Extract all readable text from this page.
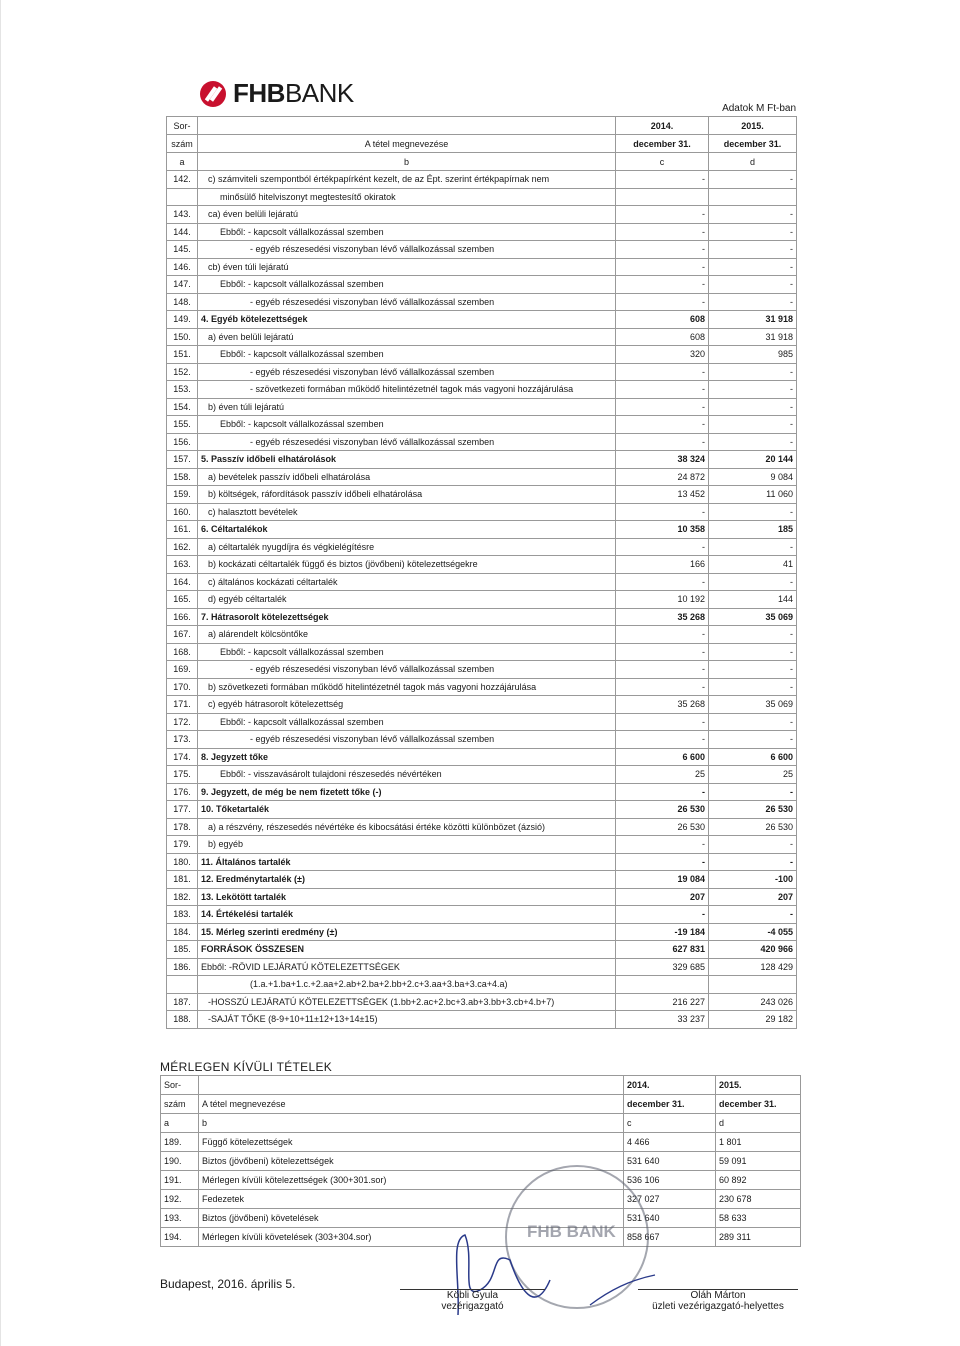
FHBBANK
Adatok M Ft-ban
Sor-		2014.	2015.
szám	A tétel megnevezése	december 31.	december 31.
a	b	c	d
142.	c) számviteli szempontból értékpapírként kezelt, de az Épt. szerint értékpapírnak nem	-	-
	minősülő hitelviszonyt megtestesítő okiratok		
143.	ca) éven belüli lejáratú	-	-
144.	Ebből: - kapcsolt vállalkozással szemben	-	-
145.	- egyéb részesedési viszonyban lévő vállalkozással szemben	-	-
146.	cb) éven túli lejáratú	-	-
147.	Ebből: - kapcsolt vállalkozással szemben	-	-
148.	- egyéb részesedési viszonyban lévő vállalkozással szemben	-	-
149.	4. Egyéb kötelezettségek	608	31 918
150.	a) éven belüli lejáratú	608	31 918
151.	Ebből: - kapcsolt vállalkozással szemben	320	985
152.	- egyéb részesedési viszonyban lévő vállalkozással szemben	-	-
153.	- szövetkezeti formában működő hitelintézetnél tagok más vagyoni hozzájárulása	-	-
154.	b) éven túli lejáratú	-	-
155.	Ebből: - kapcsolt vállalkozással szemben	-	-
156.	- egyéb részesedési viszonyban lévő vállalkozással szemben	-	-
157.	5. Passzív időbeli elhatárolások	38 324	20 144
158.	a) bevételek passzív időbeli elhatárolása	24 872	9 084
159.	b) költségek, ráfordítások passzív időbeli elhatárolása	13 452	11 060
160.	c) halasztott bevételek	-	-
161.	6. Céltartalékok	10 358	185
162.	a) céltartalék nyugdíjra és végkielégítésre	-	-
163.	b) kockázati céltartalék függő és biztos (jövőbeni) kötelezettségekre	166	41
164.	c) általános kockázati céltartalék	-	-
165.	d) egyéb céltartalék	10 192	144
166.	7. Hátrasorolt kötelezettségek	35 268	35 069
167.	a) alárendelt kölcsöntőke	-	-
168.	Ebből: - kapcsolt vállalkozással szemben	-	-
169.	- egyéb részesedési viszonyban lévő vállalkozással szemben	-	-
170.	b) szövetkezeti formában működő hitelintézetnél tagok más vagyoni hozzájárulása	-	-
171.	c) egyéb hátrasorolt kötelezettség	35 268	35 069
172.	Ebből: - kapcsolt vállalkozással szemben	-	-
173.	- egyéb részesedési viszonyban lévő vállalkozással szemben	-	-
174.	8. Jegyzett tőke	6 600	6 600
175.	Ebből: - visszavásárolt tulajdoni részesedés névértéken	25	25
176.	9. Jegyzett, de még be nem fizetett tőke (-)	-	-
177.	10. Tőketartalék	26 530	26 530
178.	a) a részvény, részesedés névértéke és kibocsátási értéke közötti különbözet (ázsió)	26 530	26 530
179.	b) egyéb	-	-
180.	11. Általános tartalék	-	-
181.	12. Eredménytartalék (±)	19 084	-100
182.	13. Lekötött tartalék	207	207
183.	14. Értékelési tartalék	-	-
184.	15. Mérleg szerinti eredmény (±)	-19 184	-4 055
185.	FORRÁSOK ÖSSZESEN	627 831	420 966
186.	Ebből: -RÖVID LEJÁRATÚ KÖTELEZETTSÉGEK	329 685	128 429
	(1.a.+1.ba+1.c.+2.aa+2.ab+2.ba+2.bb+2.c+3.aa+3.ba+3.ca+4.a)		
187.	-HOSSZÚ LEJÁRATÚ KÖTELEZETTSÉGEK (1.bb+2.ac+2.bc+3.ab+3.bb+3.cb+4.b+7)	216 227	243 026
188.	-SAJÁT TŐKE (8-9+10+11±12+13+14±15)	33 237	29 182
MÉRLEGEN KÍVÜLI TÉTELEK
Sor-		2014.	2015.
szám	A tétel megnevezése	december 31.	december 31.
a	b	c	d
189.	Függő kötelezettségek	4 466	1 801
190.	Biztos (jövőbeni) kötelezettségek	531 640	59 091
191.	Mérlegen kívüli kötelezettségek (300+301.sor)	536 106	60 892
192.	Fedezetek	327 027	230 678
193.	Biztos (jövőbeni) követelések	531 640	58 633
194.	Mérlegen kívüli követelések (303+304.sor)	858 667	289 311
FHB BANK
Budapest, 2016. április 5.
Köbli Gyula
vezérigazgató
Oláh Márton
üzleti vezérigazgató-helyettes
